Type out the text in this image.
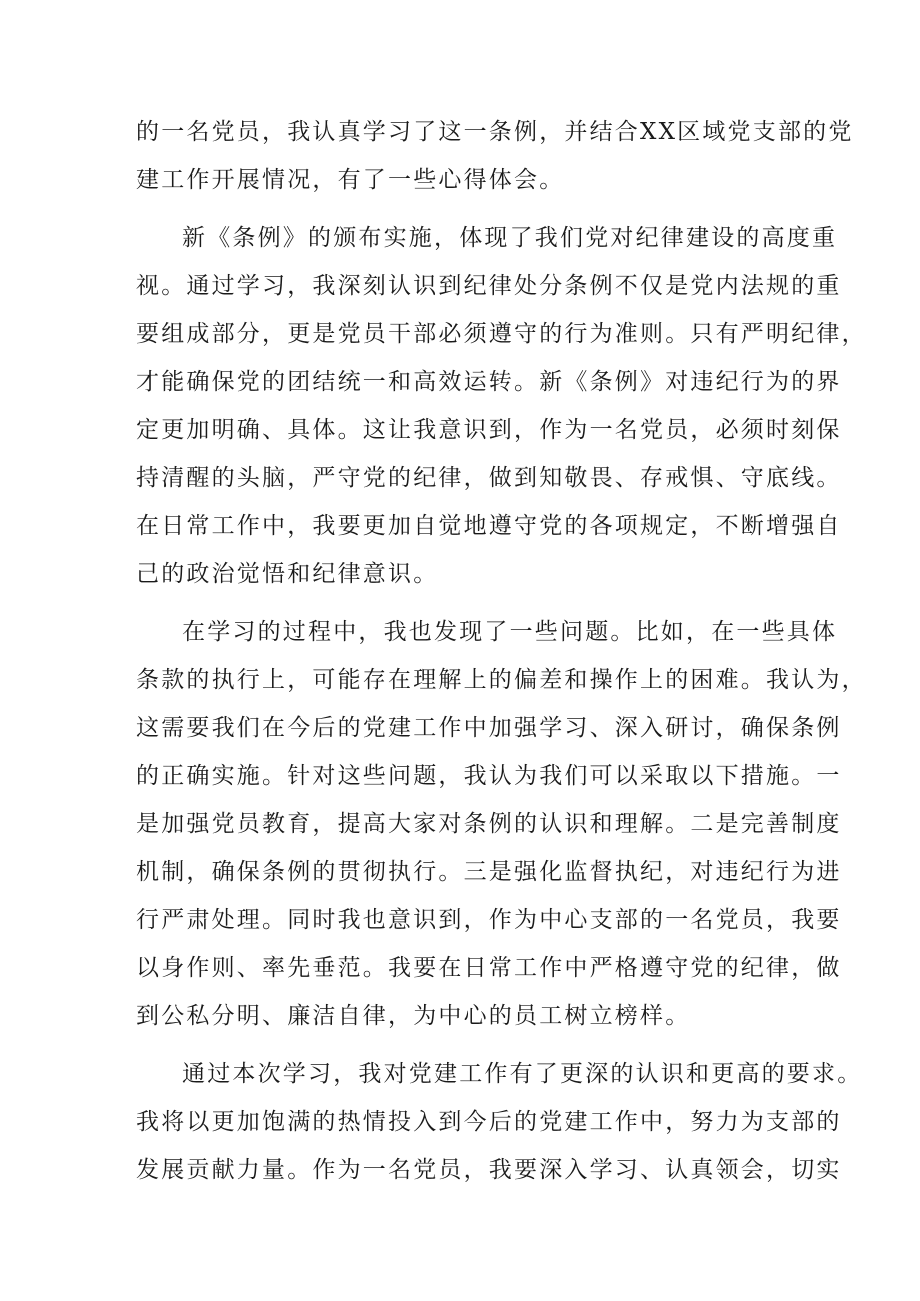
的一名党员，我认真学习了这一条例，并结合XX区域党支部的党
建工作开展情况，有了一些心得体会。
新《条例》的颁布实施，体现了我们党对纪律建设的高度重
视。通过学习，我深刻认识到纪律处分条例不仅是党内法规的重
要组成部分，更是党员干部必须遵守的行为准则。只有严明纪律，
才能确保党的团结统一和高效运转。新《条例》对违纪行为的界
定更加明确、具体。这让我意识到，作为一名党员，必须时刻保
持清醒的头脑，严守党的纪律，做到知敬畏、存戒惧、守底线。
在日常工作中，我要更加自觉地遵守党的各项规定，不断增强自
己的政治觉悟和纪律意识。
在学习的过程中，我也发现了一些问题。比如，在一些具体
条款的执行上，可能存在理解上的偏差和操作上的困难。我认为，
这需要我们在今后的党建工作中加强学习、深入研讨，确保条例
的正确实施。针对这些问题，我认为我们可以采取以下措施。一
是加强党员教育，提高大家对条例的认识和理解。二是完善制度
机制，确保条例的贯彻执行。三是强化监督执纪，对违纪行为进
行严肃处理。同时我也意识到，作为中心支部的一名党员，我要
以身作则、率先垂范。我要在日常工作中严格遵守党的纪律，做
到公私分明、廉洁自律，为中心的员工树立榜样。
通过本次学习，我对党建工作有了更深的认识和更高的要求。
我将以更加饱满的热情投入到今后的党建工作中，努力为支部的
发展贡献力量。作为一名党员，我要深入学习、认真领会，切实
